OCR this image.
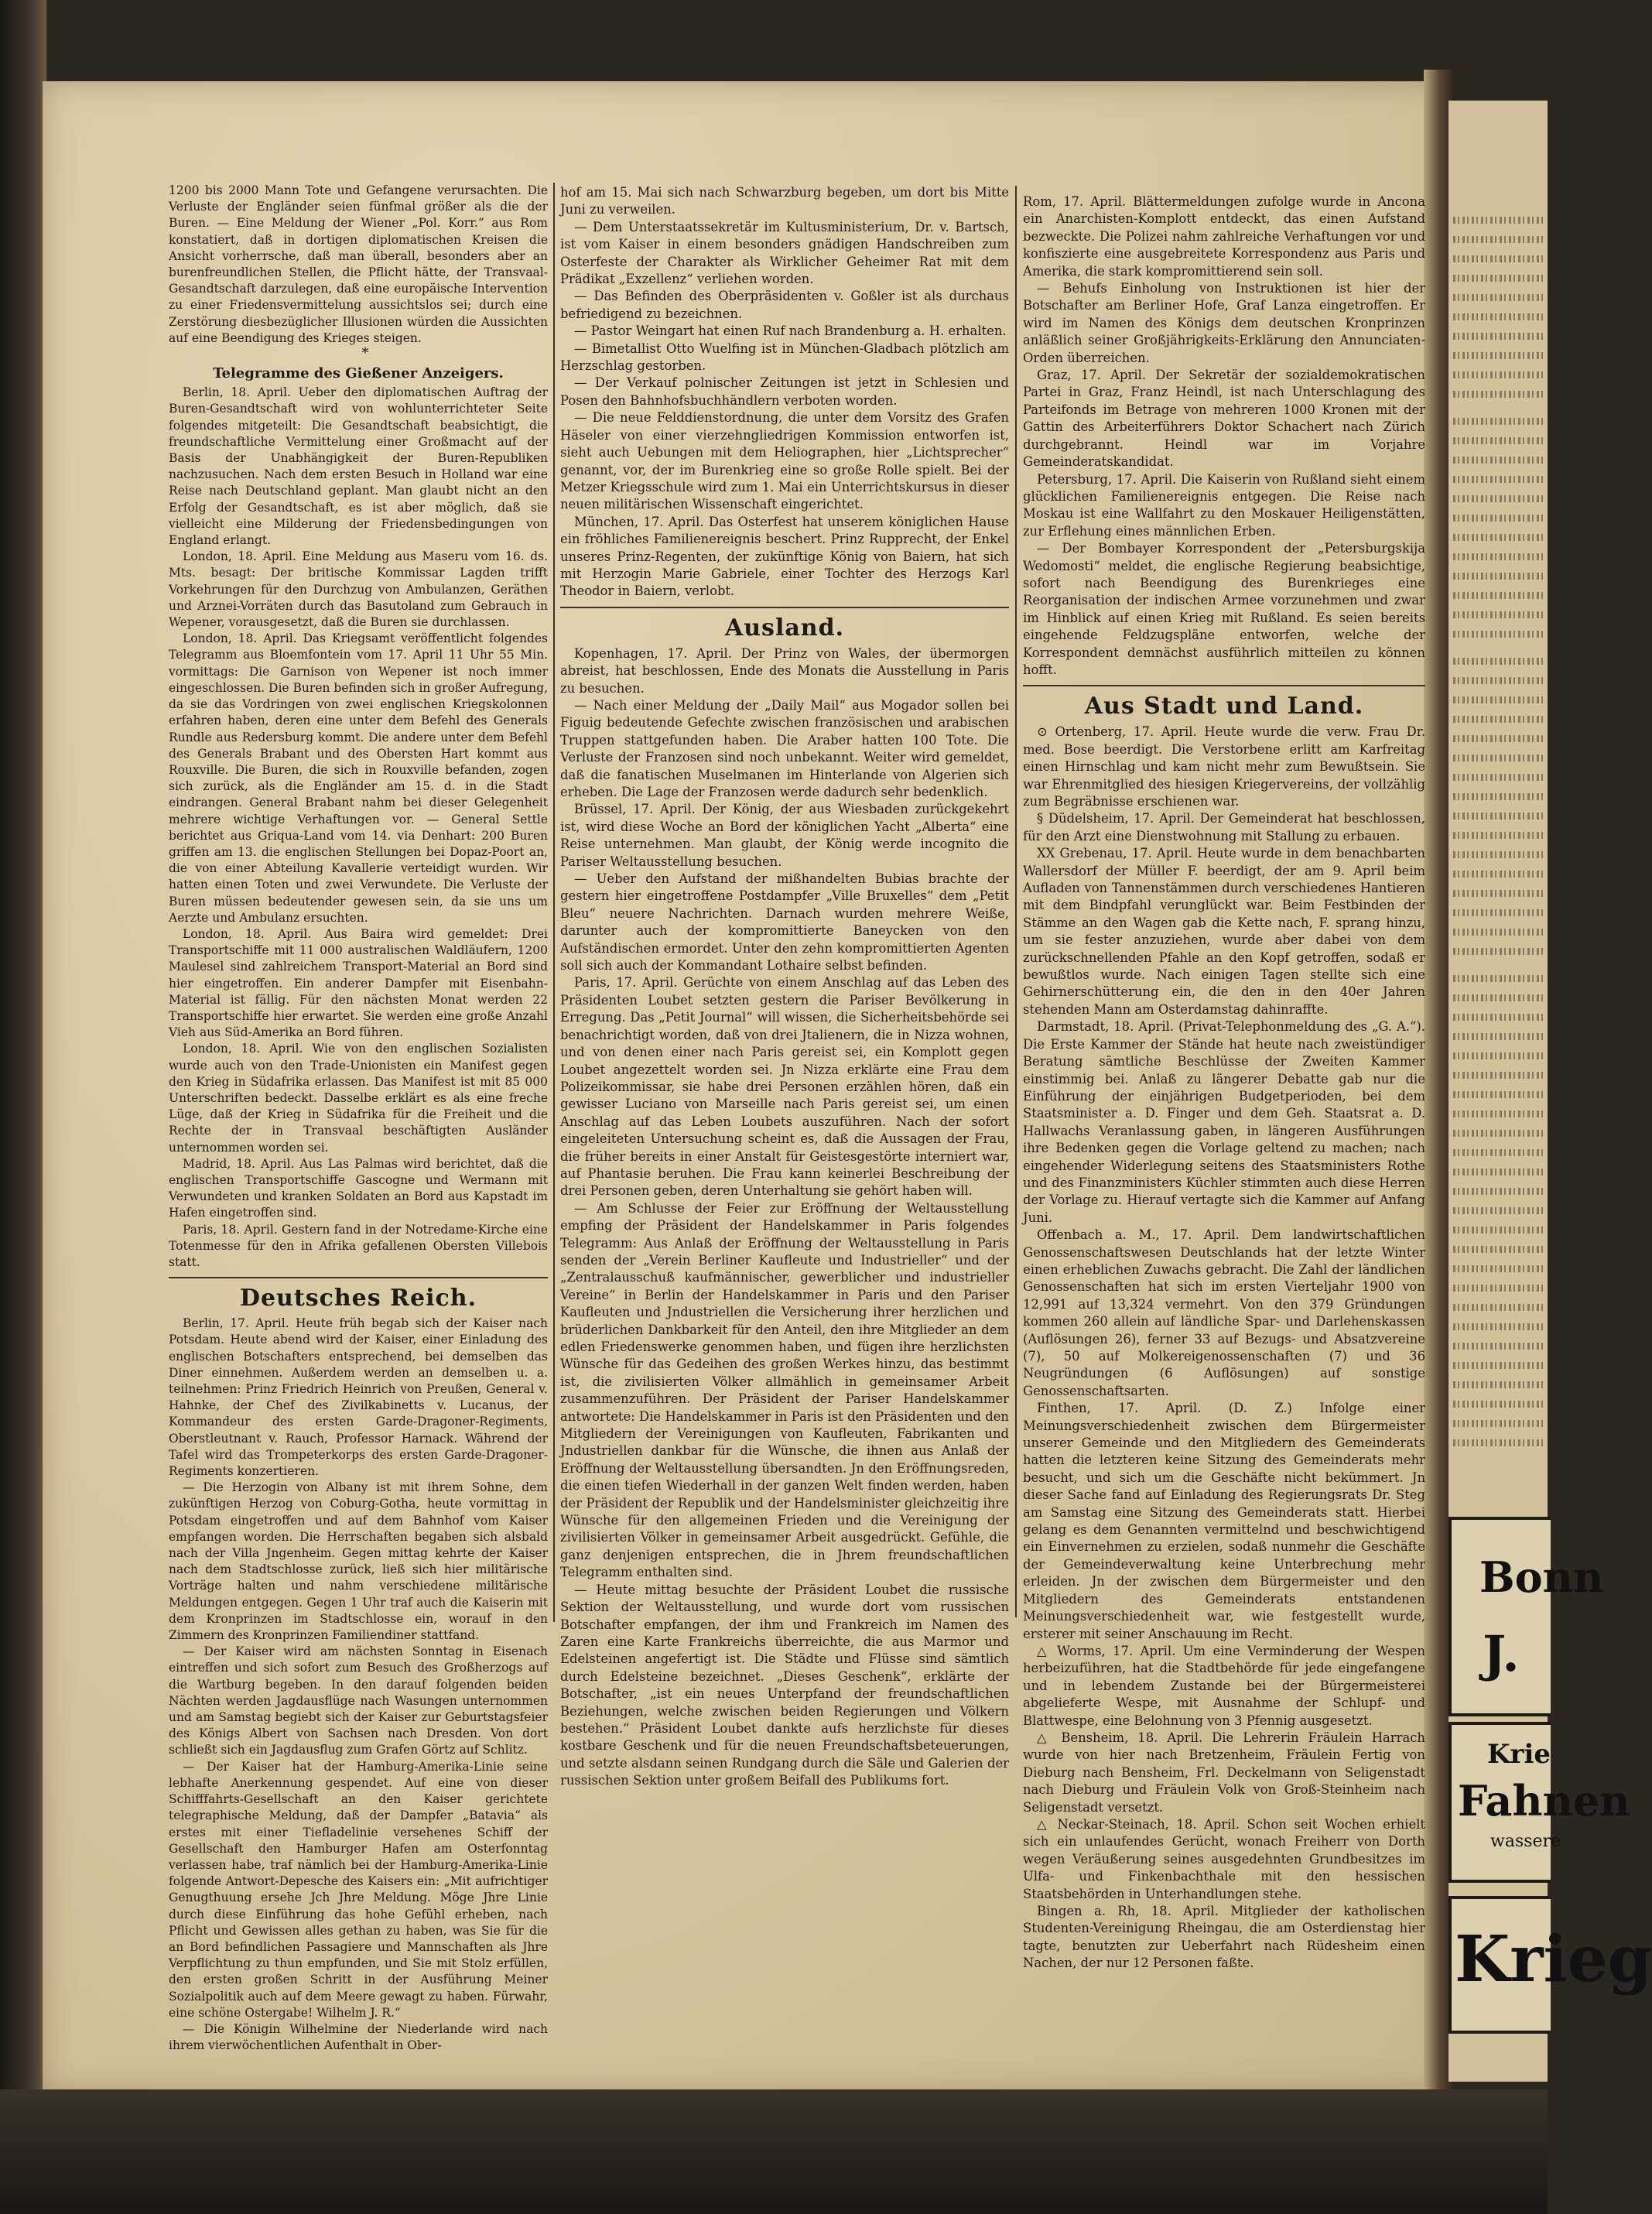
Bonn
J.
Krie
Fahnen
wassere
Krieg

1200 bis 2000 Mann Tote und Gefangene verursachten. Die Verluste der Engländer seien fünfmal größer als die der Buren. — Eine Meldung der Wiener „Pol. Korr.“ aus Rom konstatiert, daß in dortigen diplomatischen Kreisen die Ansicht vorherrsche, daß man überall, besonders aber an burenfreundlichen Stellen, die Pflicht hätte, der Transvaal-Gesandtschaft darzulegen, daß eine europäische Intervention zu einer Friedensvermittelung aussichtslos sei; durch eine Zerstörung diesbezüglicher Illusionen würden die Aussichten auf eine Beendigung des Krieges steigen.

*

Telegramme des Gießener Anzeigers.

Berlin, 18. April. Ueber den diplomatischen Auftrag der Buren-Gesandtschaft wird von wohlunterrichteter Seite folgendes mitgeteilt: Die Gesandtschaft beabsichtigt, die freundschaftliche Vermittelung einer Großmacht auf der Basis der Unabhängigkeit der Buren-Republiken nachzusuchen. Nach dem ersten Besuch in Holland war eine Reise nach Deutschland geplant. Man glaubt nicht an den Erfolg der Gesandtschaft, es ist aber möglich, daß sie vielleicht eine Milderung der Friedensbedingungen von England erlangt.

London, 18. April. Eine Meldung aus Maseru vom 16. ds. Mts. besagt: Der britische Kommissar Lagden trifft Vorkehrungen für den Durchzug von Ambulanzen, Geräthen und Arznei-Vorräten durch das Basutoland zum Gebrauch in Wepener, vorausgesetzt, daß die Buren sie durchlassen.

London, 18. April. Das Kriegsamt veröffentlicht folgendes Telegramm aus Bloemfontein vom 17. April 11 Uhr 55 Min. vormittags: Die Garnison von Wepener ist noch immer eingeschlossen. Die Buren befinden sich in großer Aufregung, da sie das Vordringen von zwei englischen Kriegskolonnen erfahren haben, deren eine unter dem Befehl des Generals Rundle aus Redersburg kommt. Die andere unter dem Befehl des Generals Brabant und des Obersten Hart kommt aus Rouxville. Die Buren, die sich in Rouxville befanden, zogen sich zurück, als die Engländer am 15. d. in die Stadt eindrangen. General Brabant nahm bei dieser Gelegenheit mehrere wichtige Verhaftungen vor. — General Settle berichtet aus Griqua-Land vom 14. via Denhart: 200 Buren griffen am 13. die englischen Stellungen bei Dopaz-Poort an, die von einer Abteilung Kavallerie verteidigt wurden. Wir hatten einen Toten und zwei Verwundete. Die Verluste der Buren müssen bedeutender gewesen sein, da sie uns um Aerzte und Ambulanz ersuchten.

London, 18. April. Aus Baira wird gemeldet: Drei Transportschiffe mit 11 000 australischen Waldläufern, 1200 Maulesel sind zahlreichem Transport-Material an Bord sind hier eingetroffen. Ein anderer Dampfer mit Eisenbahn-Material ist fällig. Für den nächsten Monat werden 22 Transportschiffe hier erwartet. Sie werden eine große Anzahl Vieh aus Süd-Amerika an Bord führen.

London, 18. April. Wie von den englischen Sozialisten wurde auch von den Trade-Unionisten ein Manifest gegen den Krieg in Südafrika erlassen. Das Manifest ist mit 85 000 Unterschriften bedeckt. Dasselbe erklärt es als eine freche Lüge, daß der Krieg in Südafrika für die Freiheit und die Rechte der in Transvaal beschäftigten Ausländer unternommen worden sei.

Madrid, 18. April. Aus Las Palmas wird berichtet, daß die englischen Transportschiffe Gascogne und Wermann mit Verwundeten und kranken Soldaten an Bord aus Kapstadt im Hafen eingetroffen sind.

Paris, 18. April. Gestern fand in der Notredame-Kirche eine Totenmesse für den in Afrika gefallenen Obersten Villebois statt.

Deutsches Reich.

Berlin, 17. April. Heute früh begab sich der Kaiser nach Potsdam. Heute abend wird der Kaiser, einer Einladung des englischen Botschafters entsprechend, bei demselben das Diner einnehmen. Außerdem werden an demselben u. a. teilnehmen: Prinz Friedrich Heinrich von Preußen, General v. Hahnke, der Chef des Zivilkabinetts v. Lucanus, der Kommandeur des ersten Garde-Dragoner-Regiments, Oberstleutnant v. Rauch, Professor Harnack. Während der Tafel wird das Trompeterkorps des ersten Garde-Dragoner-Regiments konzertieren.

— Die Herzogin von Albany ist mit ihrem Sohne, dem zukünftigen Herzog von Coburg-Gotha, heute vormittag in Potsdam eingetroffen und auf dem Bahnhof vom Kaiser empfangen worden. Die Herrschaften begaben sich alsbald nach der Villa Jngenheim. Gegen mittag kehrte der Kaiser nach dem Stadtschlosse zurück, ließ sich hier militärische Vorträge halten und nahm verschiedene militärische Meldungen entgegen. Gegen 1 Uhr traf auch die Kaiserin mit dem Kronprinzen im Stadtschlosse ein, worauf in den Zimmern des Kronprinzen Familiendiner stattfand.

— Der Kaiser wird am nächsten Sonntag in Eisenach eintreffen und sich sofort zum Besuch des Großherzogs auf die Wartburg begeben. In den darauf folgenden beiden Nächten werden Jagdausflüge nach Wasungen unternommen und am Samstag begiebt sich der Kaiser zur Geburtstagsfeier des Königs Albert von Sachsen nach Dresden. Von dort schließt sich ein Jagdausflug zum Grafen Görtz auf Schlitz.

— Der Kaiser hat der Hamburg-Amerika-Linie seine lebhafte Anerkennung gespendet. Auf eine von dieser Schifffahrts-Gesellschaft an den Kaiser gerichtete telegraphische Meldung, daß der Dampfer „Batavia“ als erstes mit einer Tiefladelinie versehenes Schiff der Gesellschaft den Hamburger Hafen am Osterfonntag verlassen habe, traf nämlich bei der Hamburg-Amerika-Linie folgende Antwort-Depesche des Kaisers ein: „Mit aufrichtiger Genugthuung ersehe Jch Jhre Meldung. Möge Jhre Linie durch diese Einführung das hohe Gefühl erheben, nach Pflicht und Gewissen alles gethan zu haben, was Sie für die an Bord befindlichen Passagiere und Mannschaften als Jhre Verpflichtung zu thun empfunden, und Sie mit Stolz erfüllen, den ersten großen Schritt in der Ausführung Meiner Sozialpolitik auch auf dem Meere gewagt zu haben. Fürwahr, eine schöne Ostergabe! Wilhelm J. R.“

— Die Königin Wilhelmine der Niederlande wird nach ihrem vierwöchentlichen Aufenthalt in Ober-

hof am 15. Mai sich nach Schwarzburg begeben, um dort bis Mitte Juni zu verweilen.

— Dem Unterstaatssekretär im Kultusministerium, Dr. v. Bartsch, ist vom Kaiser in einem besonders gnädigen Handschreiben zum Osterfeste der Charakter als Wirklicher Geheimer Rat mit dem Prädikat „Exzellenz“ verliehen worden.

— Das Befinden des Oberpräsidenten v. Goßler ist als durchaus befriedigend zu bezeichnen.

— Pastor Weingart hat einen Ruf nach Brandenburg a. H. erhalten.

— Bimetallist Otto Wuelfing ist in München-Gladbach plötzlich am Herzschlag gestorben.

— Der Verkauf polnischer Zeitungen ist jetzt in Schlesien und Posen den Bahnhofsbuchhändlern verboten worden.

— Die neue Felddienstordnung, die unter dem Vorsitz des Grafen Häseler von einer vierzehngliedrigen Kommission entworfen ist, sieht auch Uebungen mit dem Heliographen, hier „Lichtsprecher“ genannt, vor, der im Burenkrieg eine so große Rolle spielt. Bei der Metzer Kriegsschule wird zum 1. Mai ein Unterrichtskursus in dieser neuen militärischen Wissenschaft eingerichtet.

München, 17. April. Das Osterfest hat unserem königlichen Hause ein fröhliches Familienereignis beschert. Prinz Rupprecht, der Enkel unseres Prinz-Regenten, der zukünftige König von Baiern, hat sich mit Herzogin Marie Gabriele, einer Tochter des Herzogs Karl Theodor in Baiern, verlobt.

Ausland.

Kopenhagen, 17. April. Der Prinz von Wales, der übermorgen abreist, hat beschlossen, Ende des Monats die Ausstellung in Paris zu besuchen.

— Nach einer Meldung der „Daily Mail“ aus Mogador sollen bei Figuig bedeutende Gefechte zwischen französischen und arabischen Truppen stattgefunden haben. Die Araber hatten 100 Tote. Die Verluste der Franzosen sind noch unbekannt. Weiter wird gemeldet, daß die fanatischen Muselmanen im Hinterlande von Algerien sich erheben. Die Lage der Franzosen werde dadurch sehr bedenklich.

Brüssel, 17. April. Der König, der aus Wiesbaden zurückgekehrt ist, wird diese Woche an Bord der königlichen Yacht „Alberta“ eine Reise unternehmen. Man glaubt, der König werde incognito die Pariser Weltausstellung besuchen.

— Ueber den Aufstand der mißhandelten Bubias brachte der gestern hier eingetroffene Postdampfer „Ville Bruxelles“ dem „Petit Bleu“ neuere Nachrichten. Darnach wurden mehrere Weiße, darunter auch der kompromittierte Baneycken von den Aufständischen ermordet. Unter den zehn kompromittierten Agenten soll sich auch der Kommandant Lothaire selbst befinden.

Paris, 17. April. Gerüchte von einem Anschlag auf das Leben des Präsidenten Loubet setzten gestern die Pariser Bevölkerung in Erregung. Das „Petit Journal“ will wissen, die Sicherheitsbehörde sei benachrichtigt worden, daß von drei Jtalienern, die in Nizza wohnen, und von denen einer nach Paris gereist sei, ein Komplott gegen Loubet angezettelt worden sei. Jn Nizza erklärte eine Frau dem Polizeikommissar, sie habe drei Personen erzählen hören, daß ein gewisser Luciano von Marseille nach Paris gereist sei, um einen Anschlag auf das Leben Loubets auszuführen. Nach der sofort eingeleiteten Untersuchung scheint es, daß die Aussagen der Frau, die früher bereits in einer Anstalt für Geistesgestörte interniert war, auf Phantasie beruhen. Die Frau kann keinerlei Beschreibung der drei Personen geben, deren Unterhaltung sie gehört haben will.

— Am Schlusse der Feier zur Eröffnung der Weltausstellung empfing der Präsident der Handelskammer in Paris folgendes Telegramm: Aus Anlaß der Eröffnung der Weltausstellung in Paris senden der „Verein Berliner Kaufleute und Industrieller“ und der „Zentralausschuß kaufmännischer, gewerblicher und industrieller Vereine“ in Berlin der Handelskammer in Paris und den Pariser Kaufleuten und Jndustriellen die Versicherung ihrer herzlichen und brüderlichen Dankbarkeit für den Anteil, den ihre Mitglieder an dem edlen Friedenswerke genommen haben, und fügen ihre herzlichsten Wünsche für das Gedeihen des großen Werkes hinzu, das bestimmt ist, die zivilisierten Völker allmählich in gemeinsamer Arbeit zusammenzuführen. Der Präsident der Pariser Handelskammer antwortete: Die Handelskammer in Paris ist den Präsidenten und den Mitgliedern der Vereinigungen von Kaufleuten, Fabrikanten und Jndustriellen dankbar für die Wünsche, die ihnen aus Anlaß der Eröffnung der Weltausstellung übersandten. Jn den Eröffnungsreden, die einen tiefen Wiederhall in der ganzen Welt finden werden, haben der Präsident der Republik und der Handelsminister gleichzeitig ihre Wünsche für den allgemeinen Frieden und die Vereinigung der zivilisierten Völker in gemeinsamer Arbeit ausgedrückt. Gefühle, die ganz denjenigen entsprechen, die in Jhrem freundschaftlichen Telegramm enthalten sind.

— Heute mittag besuchte der Präsident Loubet die russische Sektion der Weltausstellung, und wurde dort vom russischen Botschafter empfangen, der ihm und Frankreich im Namen des Zaren eine Karte Frankreichs überreichte, die aus Marmor und Edelsteinen angefertigt ist. Die Städte und Flüsse sind sämtlich durch Edelsteine bezeichnet. „Dieses Geschenk“, erklärte der Botschafter, „ist ein neues Unterpfand der freundschaftlichen Beziehungen, welche zwischen beiden Regierungen und Völkern bestehen.“ Präsident Loubet dankte aufs herzlichste für dieses kostbare Geschenk und für die neuen Freundschaftsbeteuerungen, und setzte alsdann seinen Rundgang durch die Säle und Galerien der russischen Sektion unter großem Beifall des Publikums fort.

Rom, 17. April. Blättermeldungen zufolge wurde in Ancona ein Anarchisten-Komplott entdeckt, das einen Aufstand bezweckte. Die Polizei nahm zahlreiche Verhaftungen vor und konfiszierte eine ausgebreitete Korrespondenz aus Paris und Amerika, die stark kompromittierend sein soll.

— Behufs Einholung von Instruktionen ist hier der Botschafter am Berliner Hofe, Graf Lanza eingetroffen. Er wird im Namen des Königs dem deutschen Kronprinzen anläßlich seiner Großjährigkeits-Erklärung den Annunciaten-Orden überreichen.

Graz, 17. April. Der Sekretär der sozialdemokratischen Partei in Graz, Franz Heindl, ist nach Unterschlagung des Parteifonds im Betrage von mehreren 1000 Kronen mit der Gattin des Arbeiterführers Doktor Schachert nach Zürich durchgebrannt. Heindl war im Vorjahre Gemeinderatskandidat.

Petersburg, 17. April. Die Kaiserin von Rußland sieht einem glücklichen Familienereignis entgegen. Die Reise nach Moskau ist eine Wallfahrt zu den Moskauer Heiligenstätten, zur Erflehung eines männlichen Erben.

— Der Bombayer Korrespondent der „Petersburgskija Wedomosti“ meldet, die englische Regierung beabsichtige, sofort nach Beendigung des Burenkrieges eine Reorganisation der indischen Armee vorzunehmen und zwar im Hinblick auf einen Krieg mit Rußland. Es seien bereits eingehende Feldzugspläne entworfen, welche der Korrespondent demnächst ausführlich mitteilen zu können hofft.

Aus Stadt und Land.

⊙ Ortenberg, 17. April. Heute wurde die verw. Frau Dr. med. Bose beerdigt. Die Verstorbene erlitt am Karfreitag einen Hirnschlag und kam nicht mehr zum Bewußtsein. Sie war Ehrenmitglied des hiesigen Kriegervereins, der vollzählig zum Begräbnisse erschienen war.

§ Düdelsheim, 17. April. Der Gemeinderat hat beschlossen, für den Arzt eine Dienstwohnung mit Stallung zu erbauen.

XX Grebenau, 17. April. Heute wurde in dem benachbarten Wallersdorf der Müller F. beerdigt, der am 9. April beim Aufladen von Tannenstämmen durch verschiedenes Hantieren mit dem Bindpfahl verunglückt war. Beim Festbinden der Stämme an den Wagen gab die Kette nach, F. sprang hinzu, um sie fester anzuziehen, wurde aber dabei von dem zurückschnellenden Pfahle an den Kopf getroffen, sodaß er bewußtlos wurde. Nach einigen Tagen stellte sich eine Gehirnerschütterung ein, die den in den 40er Jahren stehenden Mann am Osterdamstag dahinraffte.

Darmstadt, 18. April. (Privat-Telephonmeldung des „G. A.“). Die Erste Kammer der Stände hat heute nach zweistündiger Beratung sämtliche Beschlüsse der Zweiten Kammer einstimmig bei. Anlaß zu längerer Debatte gab nur die Einführung der einjährigen Budgetperioden, bei dem Staatsminister a. D. Finger und dem Geh. Staatsrat a. D. Hallwachs Veranlassung gaben, in längeren Ausführungen ihre Bedenken gegen die Vorlage geltend zu machen; nach eingehender Widerlegung seitens des Staatsministers Rothe und des Finanzministers Küchler stimmten auch diese Herren der Vorlage zu. Hierauf vertagte sich die Kammer auf Anfang Juni.

Offenbach a. M., 17. April. Dem landwirtschaftlichen Genossenschaftswesen Deutschlands hat der letzte Winter einen erheblichen Zuwachs gebracht. Die Zahl der ländlichen Genossenschaften hat sich im ersten Vierteljahr 1900 von 12,991 auf 13,324 vermehrt. Von den 379 Gründungen kommen 260 allein auf ländliche Spar- und Darlehenskassen (Auflösungen 26), ferner 33 auf Bezugs- und Absatzvereine (7), 50 auf Molkereigenossenschaften (7) und 36 Neugründungen (6 Auflösungen) auf sonstige Genossenschaftsarten.

Finthen, 17. April. (D. Z.) Infolge einer Meinungsverschiedenheit zwischen dem Bürgermeister unserer Gemeinde und den Mitgliedern des Gemeinderats hatten die letzteren keine Sitzung des Gemeinderats mehr besucht, und sich um die Geschäfte nicht bekümmert. Jn dieser Sache fand auf Einladung des Regierungsrats Dr. Steg am Samstag eine Sitzung des Gemeinderats statt. Hierbei gelang es dem Genannten vermittelnd und beschwichtigend ein Einvernehmen zu erzielen, sodaß nunmehr die Geschäfte der Gemeindeverwaltung keine Unterbrechung mehr erleiden. Jn der zwischen dem Bürgermeister und den Mitgliedern des Gemeinderats entstandenen Meinungsverschiedenheit war, wie festgestellt wurde, ersterer mit seiner Anschauung im Recht.

△ Worms, 17. April. Um eine Verminderung der Wespen herbeizuführen, hat die Stadtbehörde für jede eingefangene und in lebendem Zustande bei der Bürgermeisterei abgelieferte Wespe, mit Ausnahme der Schlupf- und Blattwespe, eine Belohnung von 3 Pfennig ausgesetzt.

△ Bensheim, 18. April. Die Lehrerin Fräulein Harrach wurde von hier nach Bretzenheim, Fräulein Fertig von Dieburg nach Bensheim, Frl. Deckelmann von Seligenstadt nach Dieburg und Fräulein Volk von Groß-Steinheim nach Seligenstadt versetzt.

△ Neckar-Steinach, 18. April. Schon seit Wochen erhielt sich ein unlaufendes Gerücht, wonach Freiherr von Dorth wegen Veräußerung seines ausgedehnten Grundbesitzes im Ulfa- und Finkenbachthale mit den hessischen Staatsbehörden in Unterhandlungen stehe.

Bingen a. Rh, 18. April. Mitglieder der katholischen Studenten-Vereinigung Rheingau, die am Osterdienstag hier tagte, benutzten zur Ueberfahrt nach Rüdesheim einen Nachen, der nur 12 Personen faßte.
